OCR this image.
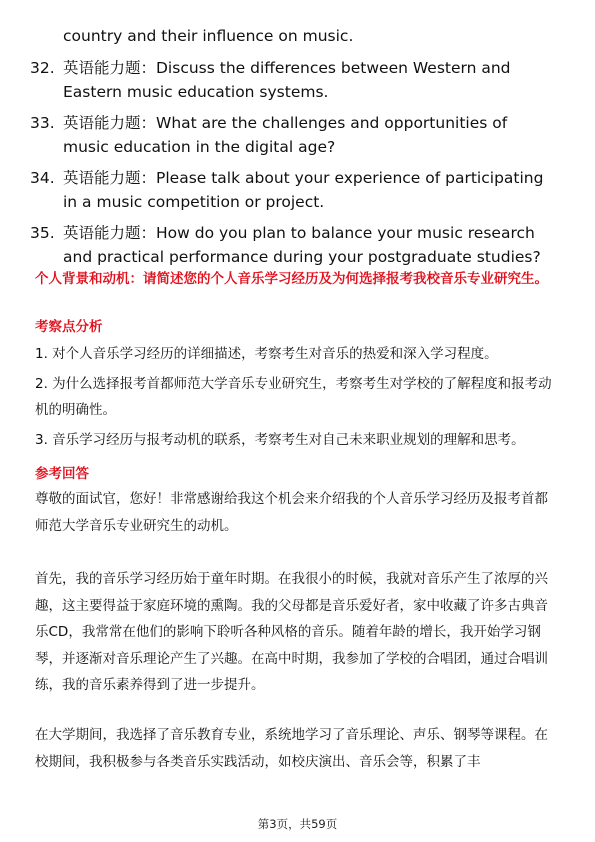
country and their influence on music.
32. 英语能力题：Discuss the differences between Western and Eastern music education systems.
33. 英语能力题：What are the challenges and opportunities of music education in the digital age?
34. 英语能力题：Please talk about your experience of participating in a music competition or project.
35. 英语能力题：How do you plan to balance your music research and practical performance during your postgraduate studies?
个人背景和动机：请简述您的个人音乐学习经历及为何选择报考我校音乐专业研究生。
考察点分析
1. 对个人音乐学习经历的详细描述，考察考生对音乐的热爱和深入学习程度。
2. 为什么选择报考首都师范大学音乐专业研究生，考察考生对学校的了解程度和报考动机的明确性。
3. 音乐学习经历与报考动机的联系，考察考生对自己未来职业规划的理解和思考。
参考回答

尊敬的面试官，您好！非常感谢给我这个机会来介绍我的个人音乐学习经历及报考首都师范大学音乐专业研究生的动机。

首先，我的音乐学习经历始于童年时期。在我很小的时候，我就对音乐产生了浓厚的兴趣，这主要得益于家庭环境的熏陶。我的父母都是音乐爱好者，家中收藏了许多古典音乐CD，我常常在他们的影响下聆听各种风格的音乐。随着年龄的增长，我开始学习钢琴，并逐渐对音乐理论产生了兴趣。在高中时期，我参加了学校的合唱团，通过合唱训练，我的音乐素养得到了进一步提升。

在大学期间，我选择了音乐教育专业，系统地学习了音乐理论、声乐、钢琴等课程。在校期间，我积极参与各类音乐实践活动，如校庆演出、音乐会等，积累了丰

第3页，共59页
